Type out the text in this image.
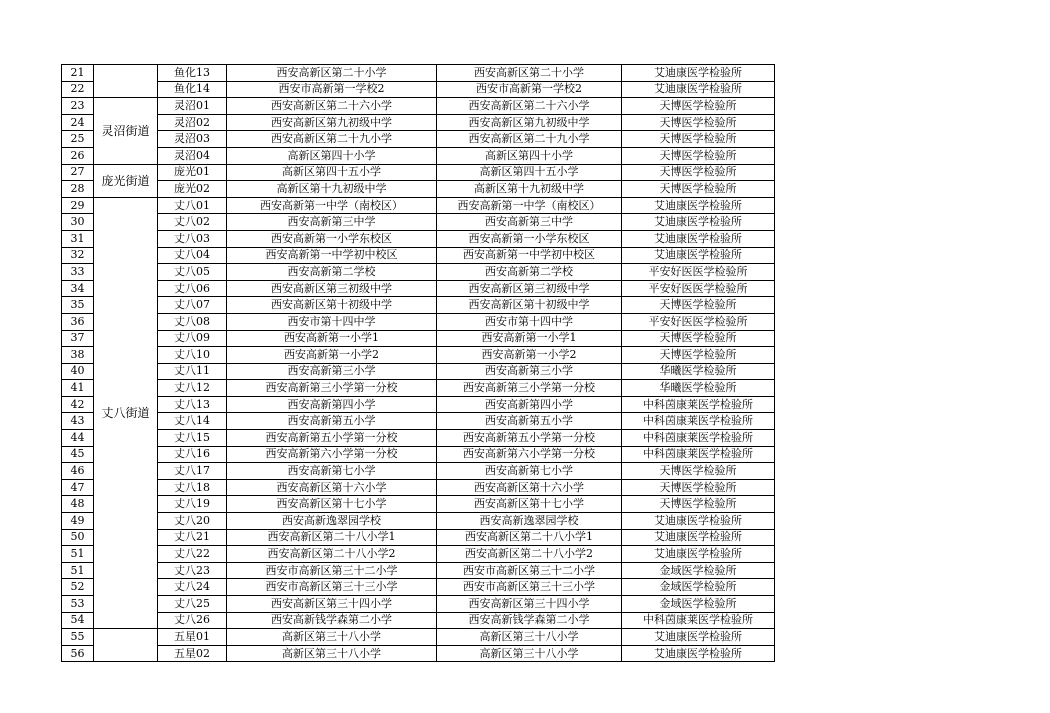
21		鱼化13	西安高新区第二十小学	西安高新区第二十小学	艾迪康医学检验所
22		鱼化14	西安市高新第一学校2	西安市高新第一学校2	艾迪康医学检验所
23	灵沼街道	灵沼01	西安高新区第二十六小学	西安高新区第二十六小学	天博医学检验所
24		灵沼02	西安高新区第九初级中学	西安高新区第九初级中学	天博医学检验所
25		灵沼03	西安高新区第二十九小学	西安高新区第二十九小学	天博医学检验所
26		灵沼04	高新区第四十小学	高新区第四十小学	天博医学检验所
27	庞光街道	庞光01	高新区第四十五小学	高新区第四十五小学	天博医学检验所
28		庞光02	高新区第十九初级中学	高新区第十九初级中学	天博医学检验所
29	丈八街道	丈八01	西安高新第一中学（南校区）	西安高新第一中学（南校区）	艾迪康医学检验所
30		丈八02	西安高新第三中学	西安高新第三中学	艾迪康医学检验所
31		丈八03	西安高新第一小学东校区	西安高新第一小学东校区	艾迪康医学检验所
32		丈八04	西安高新第一中学初中校区	西安高新第一中学初中校区	艾迪康医学检验所
33		丈八05	西安高新第二学校	西安高新第二学校	平安好医医学检验所
34		丈八06	西安高新区第三初级中学	西安高新区第三初级中学	平安好医医学检验所
35		丈八07	西安高新区第十初级中学	西安高新区第十初级中学	天博医学检验所
36		丈八08	西安市第十四中学	西安市第十四中学	平安好医医学检验所
37		丈八09	西安高新第一小学1	西安高新第一小学1	天博医学检验所
38		丈八10	西安高新第一小学2	西安高新第一小学2	天博医学检验所
40		丈八11	西安高新第三小学	西安高新第三小学	华曦医学检验所
41		丈八12	西安高新第三小学第一分校	西安高新第三小学第一分校	华曦医学检验所
42		丈八13	西安高新第四小学	西安高新第四小学	中科茵康莱医学检验所
43		丈八14	西安高新第五小学	西安高新第五小学	中科茵康莱医学检验所
44		丈八15	西安高新第五小学第一分校	西安高新第五小学第一分校	中科茵康莱医学检验所
45		丈八16	西安高新第六小学第一分校	西安高新第六小学第一分校	中科茵康莱医学检验所
46		丈八17	西安高新第七小学	西安高新第七小学	天博医学检验所
47		丈八18	西安高新区第十六小学	西安高新区第十六小学	天博医学检验所
48		丈八19	西安高新区第十七小学	西安高新区第十七小学	天博医学检验所
49		丈八20	西安高新逸翠园学校	西安高新逸翠园学校	艾迪康医学检验所
50		丈八21	西安高新区第二十八小学1	西安高新区第二十八小学1	艾迪康医学检验所
51		丈八22	西安高新区第二十八小学2	西安高新区第二十八小学2	艾迪康医学检验所
51		丈八23	西安市高新区第三十二小学	西安市高新区第三十二小学	金域医学检验所
52		丈八24	西安市高新区第三十三小学	西安市高新区第三十三小学	金域医学检验所
53		丈八25	西安高新区第三十四小学	西安高新区第三十四小学	金域医学检验所
54		丈八26	西安高新钱学森第二小学	西安高新钱学森第二小学	中科茵康莱医学检验所
55		五星01	高新区第三十八小学	高新区第三十八小学	艾迪康医学检验所
56		五星02	高新区第三十八小学	高新区第三十八小学	艾迪康医学检验所
